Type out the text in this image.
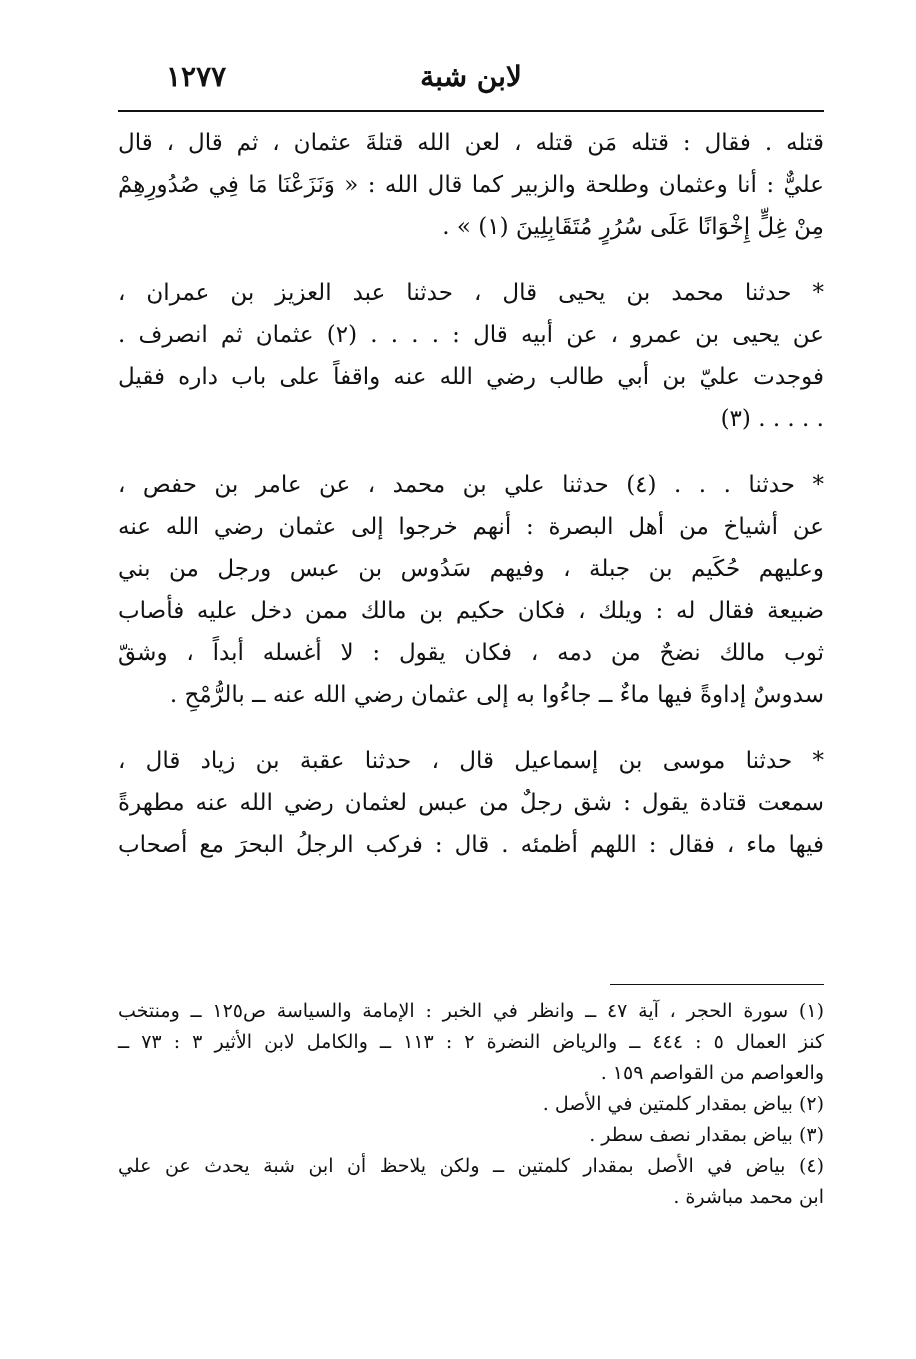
لابن شبة
١٢٧٧

قتله . فقال : قتله مَن قتله ، لعن الله قتلةَ عثمان ، ثم قال ، قال
عليٌّ : أنا وعثمان وطلحة والزبير كما قال الله : « وَنَزَعْنَا مَا فِي صُدُورِهِمْ
مِنْ غِلٍّ إِخْوَانًا عَلَى سُرُرٍ مُتَقَابِلِينَ (١) » .

* حدثنا محمد بن يحيى قال ، حدثنا عبد العزيز بن عمران ،
عن يحيى بن عمرو ، عن أبيه قال : . . . . (٢) عثمان ثم انصرف .
فوجدت عليّ بن أبي طالب رضي الله عنه واقفاً على باب داره فقيل
. . . . . (٣)

* حدثنا . . . (٤) حدثنا علي بن محمد ، عن عامر بن حفص ،
عن أشياخ من أهل البصرة : أنهم خرجوا إلى عثمان رضي الله عنه
وعليهم حُكَيم بن جبلة ، وفيهم سَدُوس بن عبس ورجل من بني
ضبيعة فقال له : ويلك ، فكان حكيم بن مالك ممن دخل عليه فأصاب
ثوب مالك نضحٌ من دمه ، فكان يقول : لا أغسله أبداً ، وشقّ
سدوسٌ إداوةً فيها ماءٌ ــ جاءُوا به إلى عثمان رضي الله عنه ــ بالرُّمْحِ .

* حدثنا موسى بن إسماعيل قال ، حدثنا عقبة بن زياد قال ،
سمعت قتادة يقول : شق رجلٌ من عبس لعثمان رضي الله عنه مطهرةً
فيها ماء ، فقال : اللهم أظمئه . قال : فركب الرجلُ البحرَ مع أصحاب

(١) سورة الحجر ، آية ٤٧ ــ وانظر في الخبر : الإمامة والسياسة ص١٢٥ ــ ومنتخب
كنز العمال ٥ : ٤٤٤ ــ والرياض النضرة ٢ : ١١٣ ــ والكامل لابن الأثير ٣ : ٧٣ ــ
والعواصم من القواصم ١٥٩ .
(٢) بياض بمقدار كلمتين في الأصل .
(٣) بياض بمقدار نصف سطر .
(٤) بياض في الأصل بمقدار كلمتين ــ ولكن يلاحظ أن ابن شبة يحدث عن علي
ابن محمد مباشرة .
